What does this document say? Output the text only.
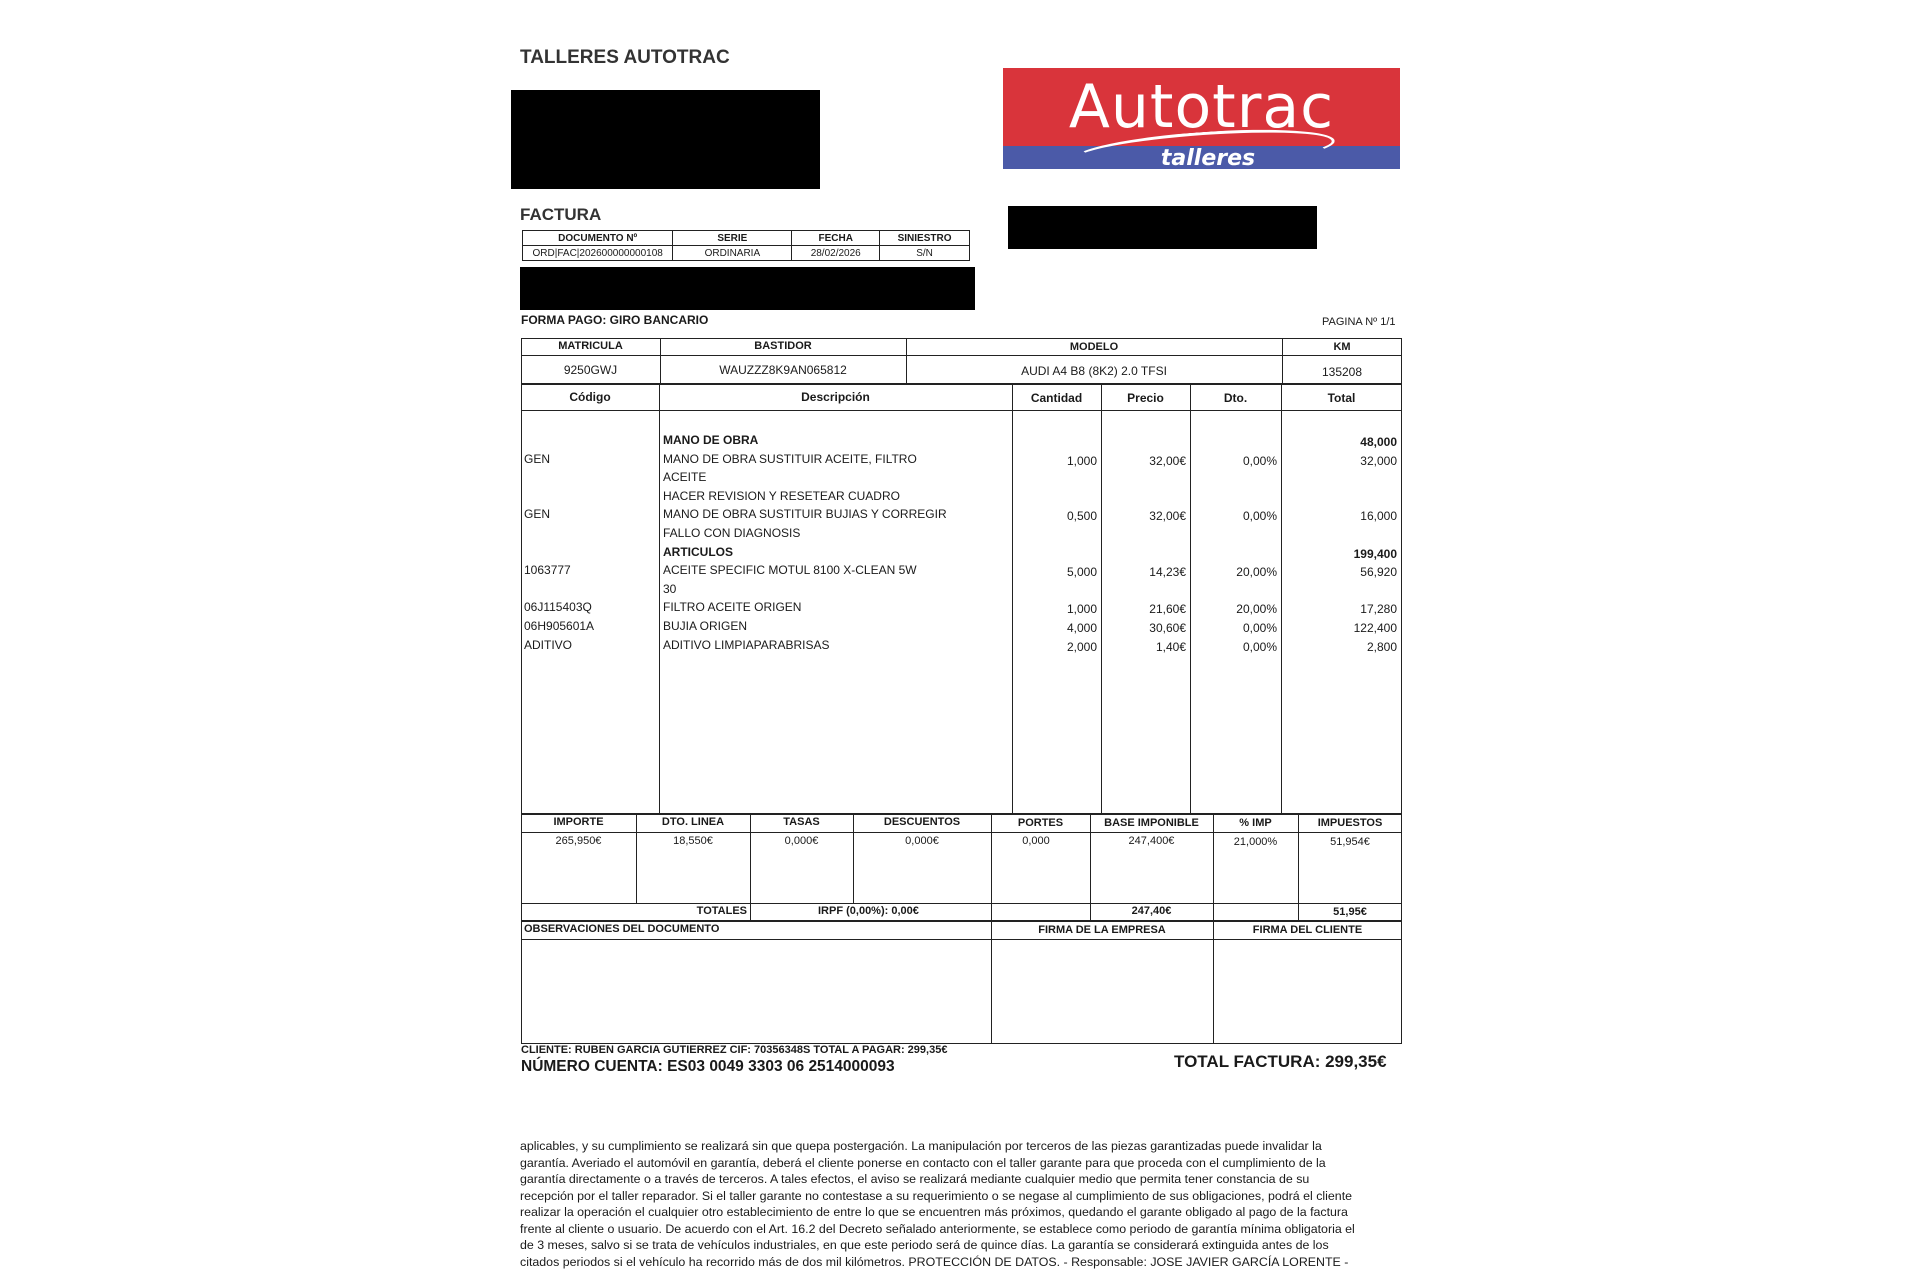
TALLERES AUTOTRAC
Autotrac
talleres
FACTURA
DOCUMENTO Nº	SERIE	FECHA	SINIESTRO
ORD|FAC|202600000000108	ORDINARIA	28/02/2026	S/N
FORMA PAGO: GIRO BANCARIO	PAGINA Nº 1/1
MATRICULA	BASTIDOR	MODELO	KM
9250GWJ	WAUZZZ8K9AN065812	AUDI A4 B8 (8K2) 2.0 TFSI	135208
Código	Descripción	Cantidad	Precio	Dto.	Total
MANO DE OBRA	48,000
GEN	MANO DE OBRA SUSTITUIR ACEITE, FILTRO	1,000	32,00€	0,00%	32,000
ACEITE
HACER REVISION Y RESETEAR CUADRO
GEN	MANO DE OBRA SUSTITUIR BUJIAS Y CORREGIR	0,500	32,00€	0,00%	16,000
FALLO CON DIAGNOSIS
ARTICULOS	199,400
1063777	ACEITE SPECIFIC MOTUL 8100 X-CLEAN 5W	5,000	14,23€	20,00%	56,920
30
06J115403Q	FILTRO ACEITE ORIGEN	1,000	21,60€	20,00%	17,280
06H905601A	BUJIA ORIGEN	4,000	30,60€	0,00%	122,400
ADITIVO	ADITIVO LIMPIAPARABRISAS	2,000	1,40€	0,00%	2,800
IMPORTE	DTO. LINEA	TASAS	DESCUENTOS	PORTES	BASE IMPONIBLE	% IMP	IMPUESTOS
265,950€	18,550€	0,000€	0,000€	0,000	247,400€	21,000%	51,954€
TOTALES	IRPF (0,00%): 0,00€	247,40€	51,95€
OBSERVACIONES DEL DOCUMENTO	FIRMA DE LA EMPRESA	FIRMA DEL CLIENTE
CLIENTE: RUBEN GARCIA GUTIERREZ CIF: 70356348S TOTAL A PAGAR: 299,35€
NÚMERO CUENTA: ES03 0049 3303 06 2514000093	TOTAL FACTURA: 299,35€
aplicables, y su cumplimiento se realizará sin que quepa postergación. La manipulación por terceros de las piezas garantizadas puede invalidar la
garantía. Averiado el automóvil en garantía, deberá el cliente ponerse en contacto con el taller garante para que proceda con el cumplimiento de la
garantía directamente o a través de terceros. A tales efectos, el aviso se realizará mediante cualquier medio que permita tener constancia de su
recepción por el taller reparador. Si el taller garante no contestase a su requerimiento o se negase al cumplimiento de sus obligaciones, podrá el cliente
realizar la operación el cualquier otro establecimiento de entre lo que se encuentren más próximos, quedando el garante obligado al pago de la factura
frente al cliente o usuario. De acuerdo con el Art. 16.2 del Decreto señalado anteriormente, se establece como periodo de garantía mínima obligatoria el
de 3 meses, salvo si se trata de vehículos industriales, en que este periodo será de quince días. La garantía se considerará extinguida antes de los
citados periodos si el vehículo ha recorrido más de dos mil kilómetros. PROTECCIÓN DE DATOS. - Responsable: JOSE JAVIER GARCÍA LORENTE -
